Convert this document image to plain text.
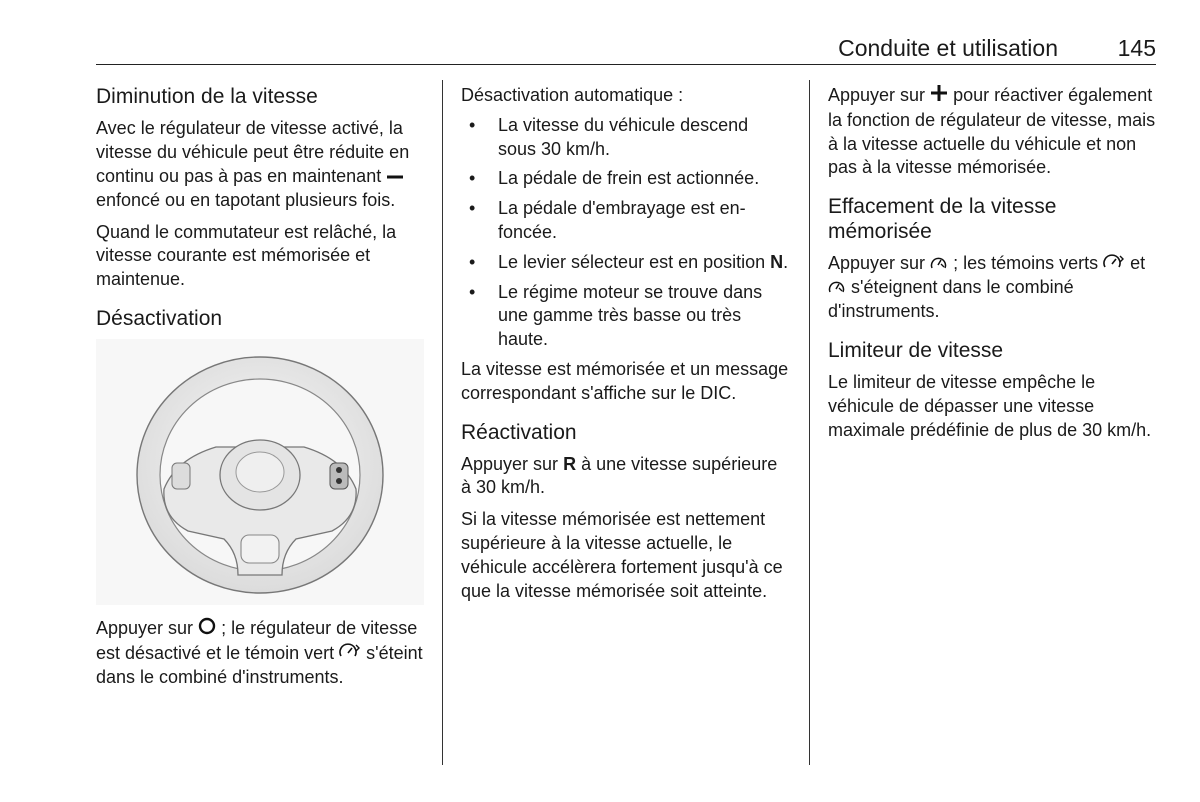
Conduite et utilisation	145
Diminution de la vitesse

Avec le régulateur de vitesse activé, la vitesse du véhicule peut être réduite en continu ou pas à pas en maintenant  enfoncé ou en tapotant plusieurs fois.

Quand le commutateur est relâché, la vitesse courante est mémorisée et maintenue.

Désactivation

Appuyer sur ; le régulateur de vitesse est désactivé et le témoin vert s'éteint dans le combiné d'instruments.

Désactivation automatique :

• La vitesse du véhicule descend sous 30 km/h.
• La pédale de frein est actionnée.
• La pédale d'embrayage est enfoncée.
• Le levier sélecteur est en position N.
• Le régime moteur se trouve dans une gamme très basse ou très haute.

La vitesse est mémorisée et un message correspondant s'affiche sur le DIC.

Réactivation

Appuyer sur R à une vitesse supérieure à 30 km/h.

Si la vitesse mémorisée est nettement supérieure à la vitesse actuelle, le véhicule accélèrera fortement jusqu'à ce que la vitesse mémorisée soit atteinte.

Appuyer sur pour réactiver également la fonction de régulateur de vitesse, mais à la vitesse actuelle du véhicule et non pas à la vitesse mémorisée.

Effacement de la vitesse mémorisée

Appuyer sur ; les témoins verts et  s'éteignent dans le combiné d'instruments.

Limiteur de vitesse

Le limiteur de vitesse empêche le véhicule de dépasser une vitesse maximale prédéfinie de plus de 30 km/h.
